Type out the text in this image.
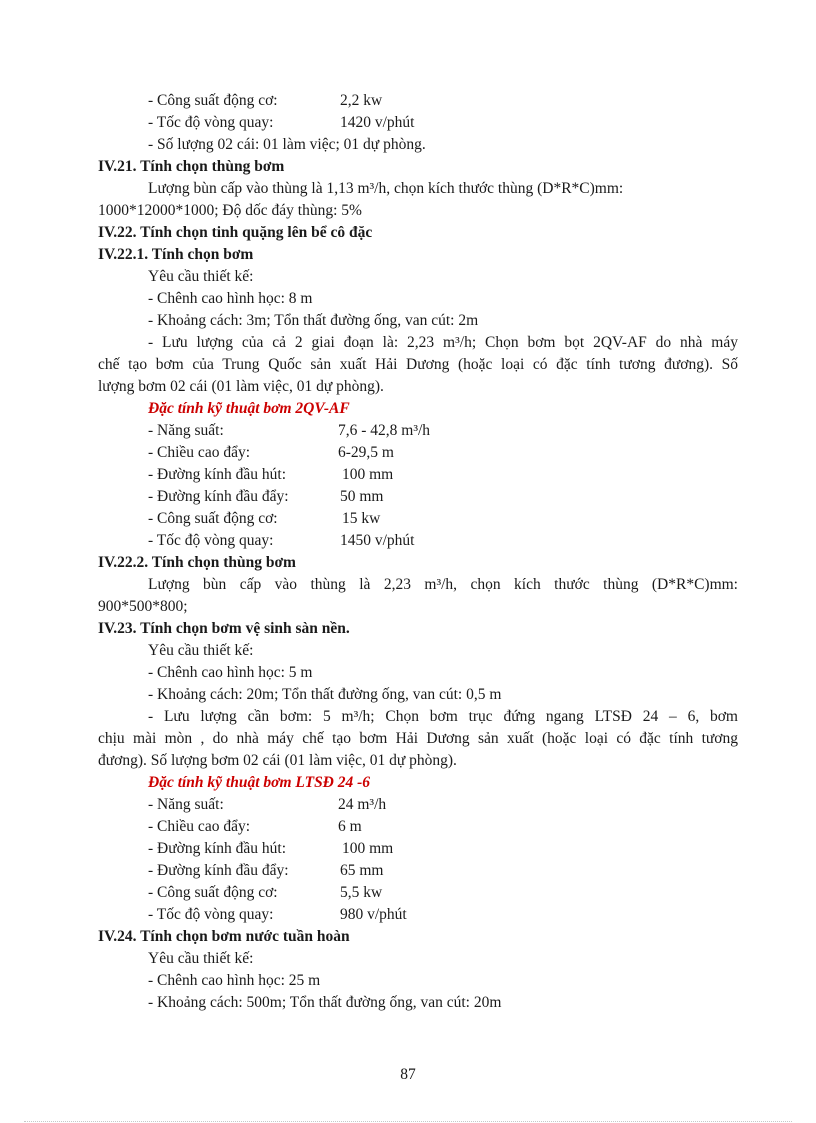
- Công suất động cơ:	2,2 kw
- Tốc độ vòng quay:	1420 v/phút
- Số lượng 02 cái: 01 làm việc; 01 dự phòng.
IV.21. Tính chọn thùng bơm
Lượng bùn cấp vào thùng là 1,13 m³/h, chọn kích thước thùng (D*R*C)mm:
1000*12000*1000; Độ dốc đáy thùng: 5%
IV.22. Tính chọn tinh quặng lên bể cô đặc
IV.22.1. Tính chọn bơm
Yêu cầu thiết kế:
- Chênh cao hình học: 8 m
- Khoảng cách: 3m; Tổn thất đường ống, van cút: 2m
- Lưu lượng của cả 2 giai đoạn là: 2,23 m³/h; Chọn bơm bọt 2QV-AF do nhà máy
chế tạo bơm của Trung Quốc sản xuất Hải Dương (hoặc loại có đặc tính tương đương). Số
lượng bơm 02 cái (01 làm việc, 01 dự phòng).
Đặc tính kỹ thuật bơm 2QV-AF
- Năng suất:	7,6 - 42,8 m³/h
- Chiều cao đẩy:	6-29,5 m
- Đường kính đầu hút:	100 mm
- Đường kính đầu đẩy:	50 mm
- Công suất động cơ:	15 kw
- Tốc độ vòng quay:	1450 v/phút
IV.22.2. Tính chọn thùng bơm
Lượng bùn cấp vào thùng là 2,23 m³/h, chọn kích thước thùng (D*R*C)mm:
900*500*800;
IV.23. Tính chọn bơm vệ sinh sàn nền.
Yêu cầu thiết kế:
- Chênh cao hình học: 5 m
- Khoảng cách: 20m; Tổn thất đường ống, van cút: 0,5 m
- Lưu lượng cần bơm: 5 m³/h; Chọn bơm trục đứng ngang LTSĐ 24 – 6, bơm
chịu mài mòn , do nhà máy chế tạo bơm Hải Dương sản xuất (hoặc loại có đặc tính tương
đương). Số lượng bơm 02 cái (01 làm việc, 01 dự phòng).
Đặc tính kỹ thuật bơm LTSĐ 24 -6
- Năng suất:	24 m³/h
- Chiều cao đẩy:	6 m
- Đường kính đầu hút:	100 mm
- Đường kính đầu đẩy:	65 mm
- Công suất động cơ:	5,5 kw
- Tốc độ vòng quay:	980 v/phút
IV.24. Tính chọn bơm nước tuần hoàn
Yêu cầu thiết kế:
- Chênh cao hình học: 25 m
- Khoảng cách: 500m; Tổn thất đường ống, van cút: 20m
87
